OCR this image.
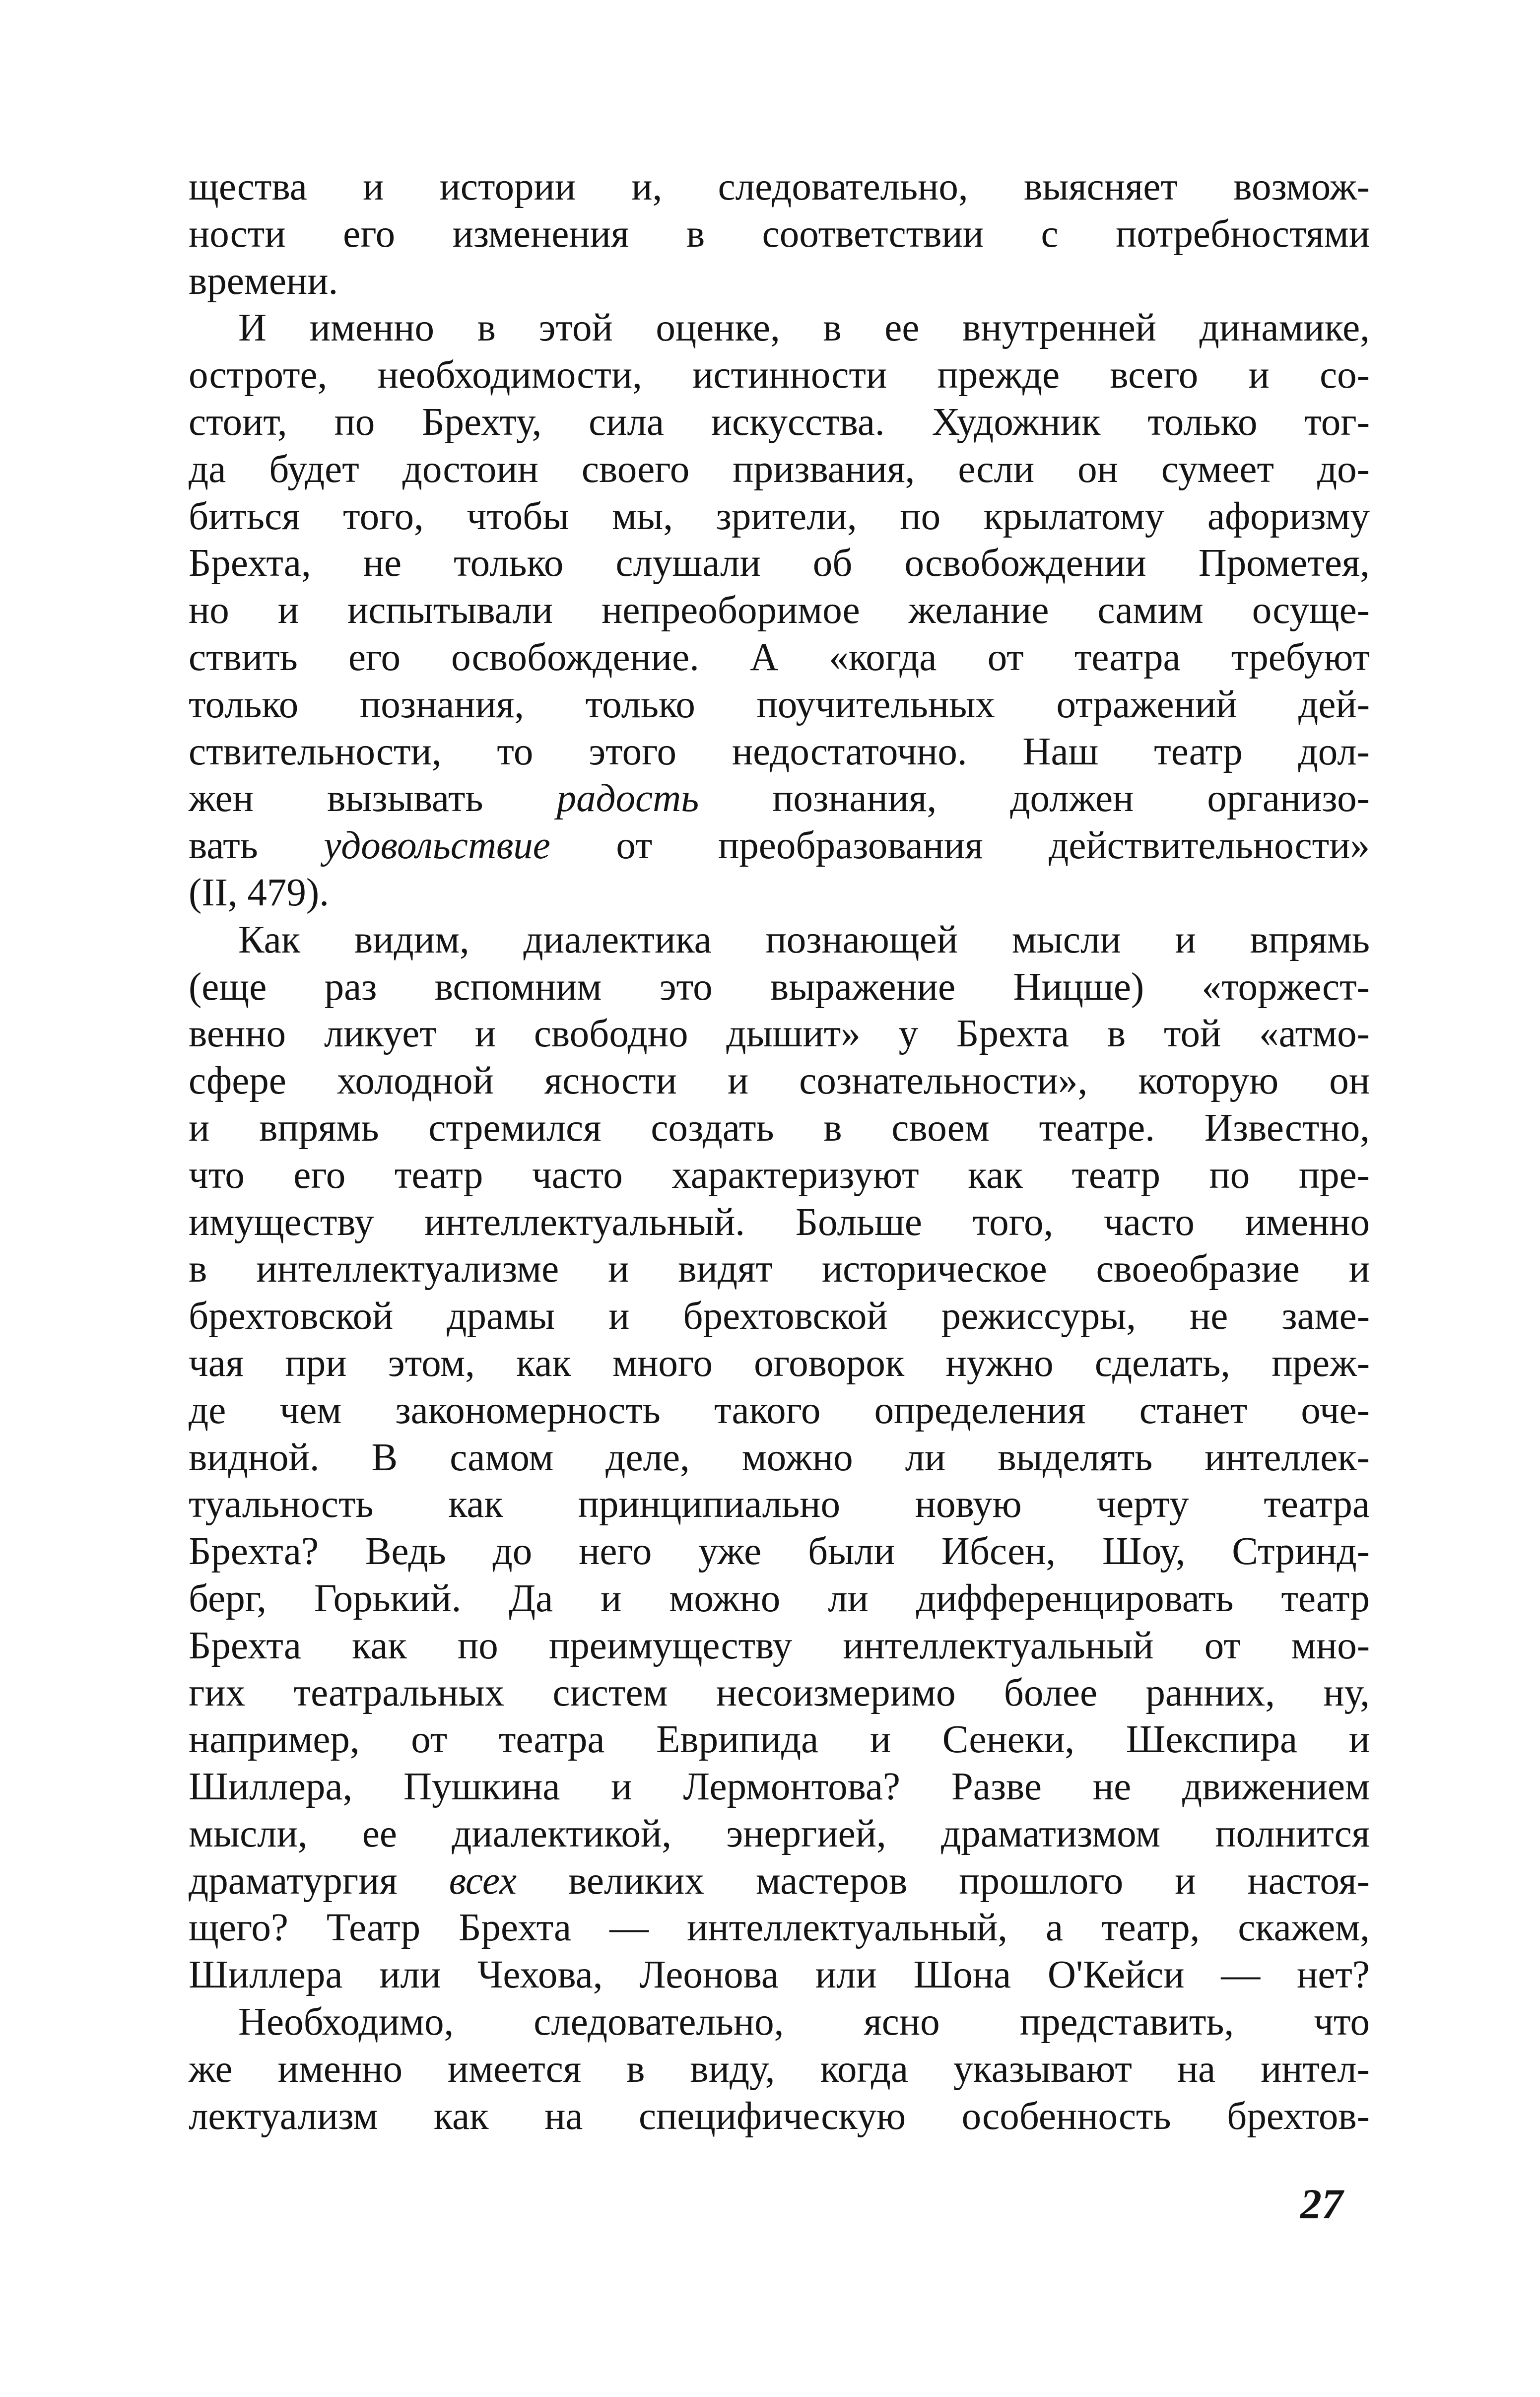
щества и истории и, следовательно, выясняет возмож-
ности его изменения в соответствии с потребностями
времени.
И именно в этой оценке, в ее внутренней динамике,
остроте, необходимости, истинности прежде всего и со-
стоит, по Брехту, сила искусства. Художник только тог-
да будет достоин своего призвания, если он сумеет до-
биться того, чтобы мы, зрители, по крылатому афоризму
Брехта, не только слушали об освобождении Прометея,
но и испытывали непреоборимое желание самим осуще-
ствить его освобождение. А «когда от театра требуют
только познания, только поучительных отражений дей-
ствительности, то этого недостаточно. Наш театр дол-
жен вызывать радость познания, должен организо-
вать удовольствие от преобразования действительности»
(II, 479).
Как видим, диалектика познающей мысли и впрямь
(еще раз вспомним это выражение Ницше) «торжест-
венно ликует и свободно дышит» у Брехта в той «атмо-
сфере холодной ясности и сознательности», которую он
и впрямь стремился создать в своем театре. Известно,
что его театр часто характеризуют как театр по пре-
имуществу интеллектуальный. Больше того, часто именно
в интеллектуализме и видят историческое своеобразие и
брехтовской драмы и брехтовской режиссуры, не заме-
чая при этом, как много оговорок нужно сделать, преж-
де чем закономерность такого определения станет оче-
видной. В самом деле, можно ли выделять интеллек-
туальность как принципиально новую черту театра
Брехта? Ведь до него уже были Ибсен, Шоу, Стринд-
берг, Горький. Да и можно ли дифференцировать театр
Брехта как по преимуществу интеллектуальный от мно-
гих театральных систем несоизмеримо более ранних, ну,
например, от театра Еврипида и Сенеки, Шекспира и
Шиллера, Пушкина и Лермонтова? Разве не движением
мысли, ее диалектикой, энергией, драматизмом полнится
драматургия всех великих мастеров прошлого и настоя-
щего? Театр Брехта — интеллектуальный, а театр, скажем,
Шиллера или Чехова, Леонова или Шона О'Кейси — нет?
Необходимо, следовательно, ясно представить, что
же именно имеется в виду, когда указывают на интел-
лектуализм как на специфическую особенность брехтов-
27
